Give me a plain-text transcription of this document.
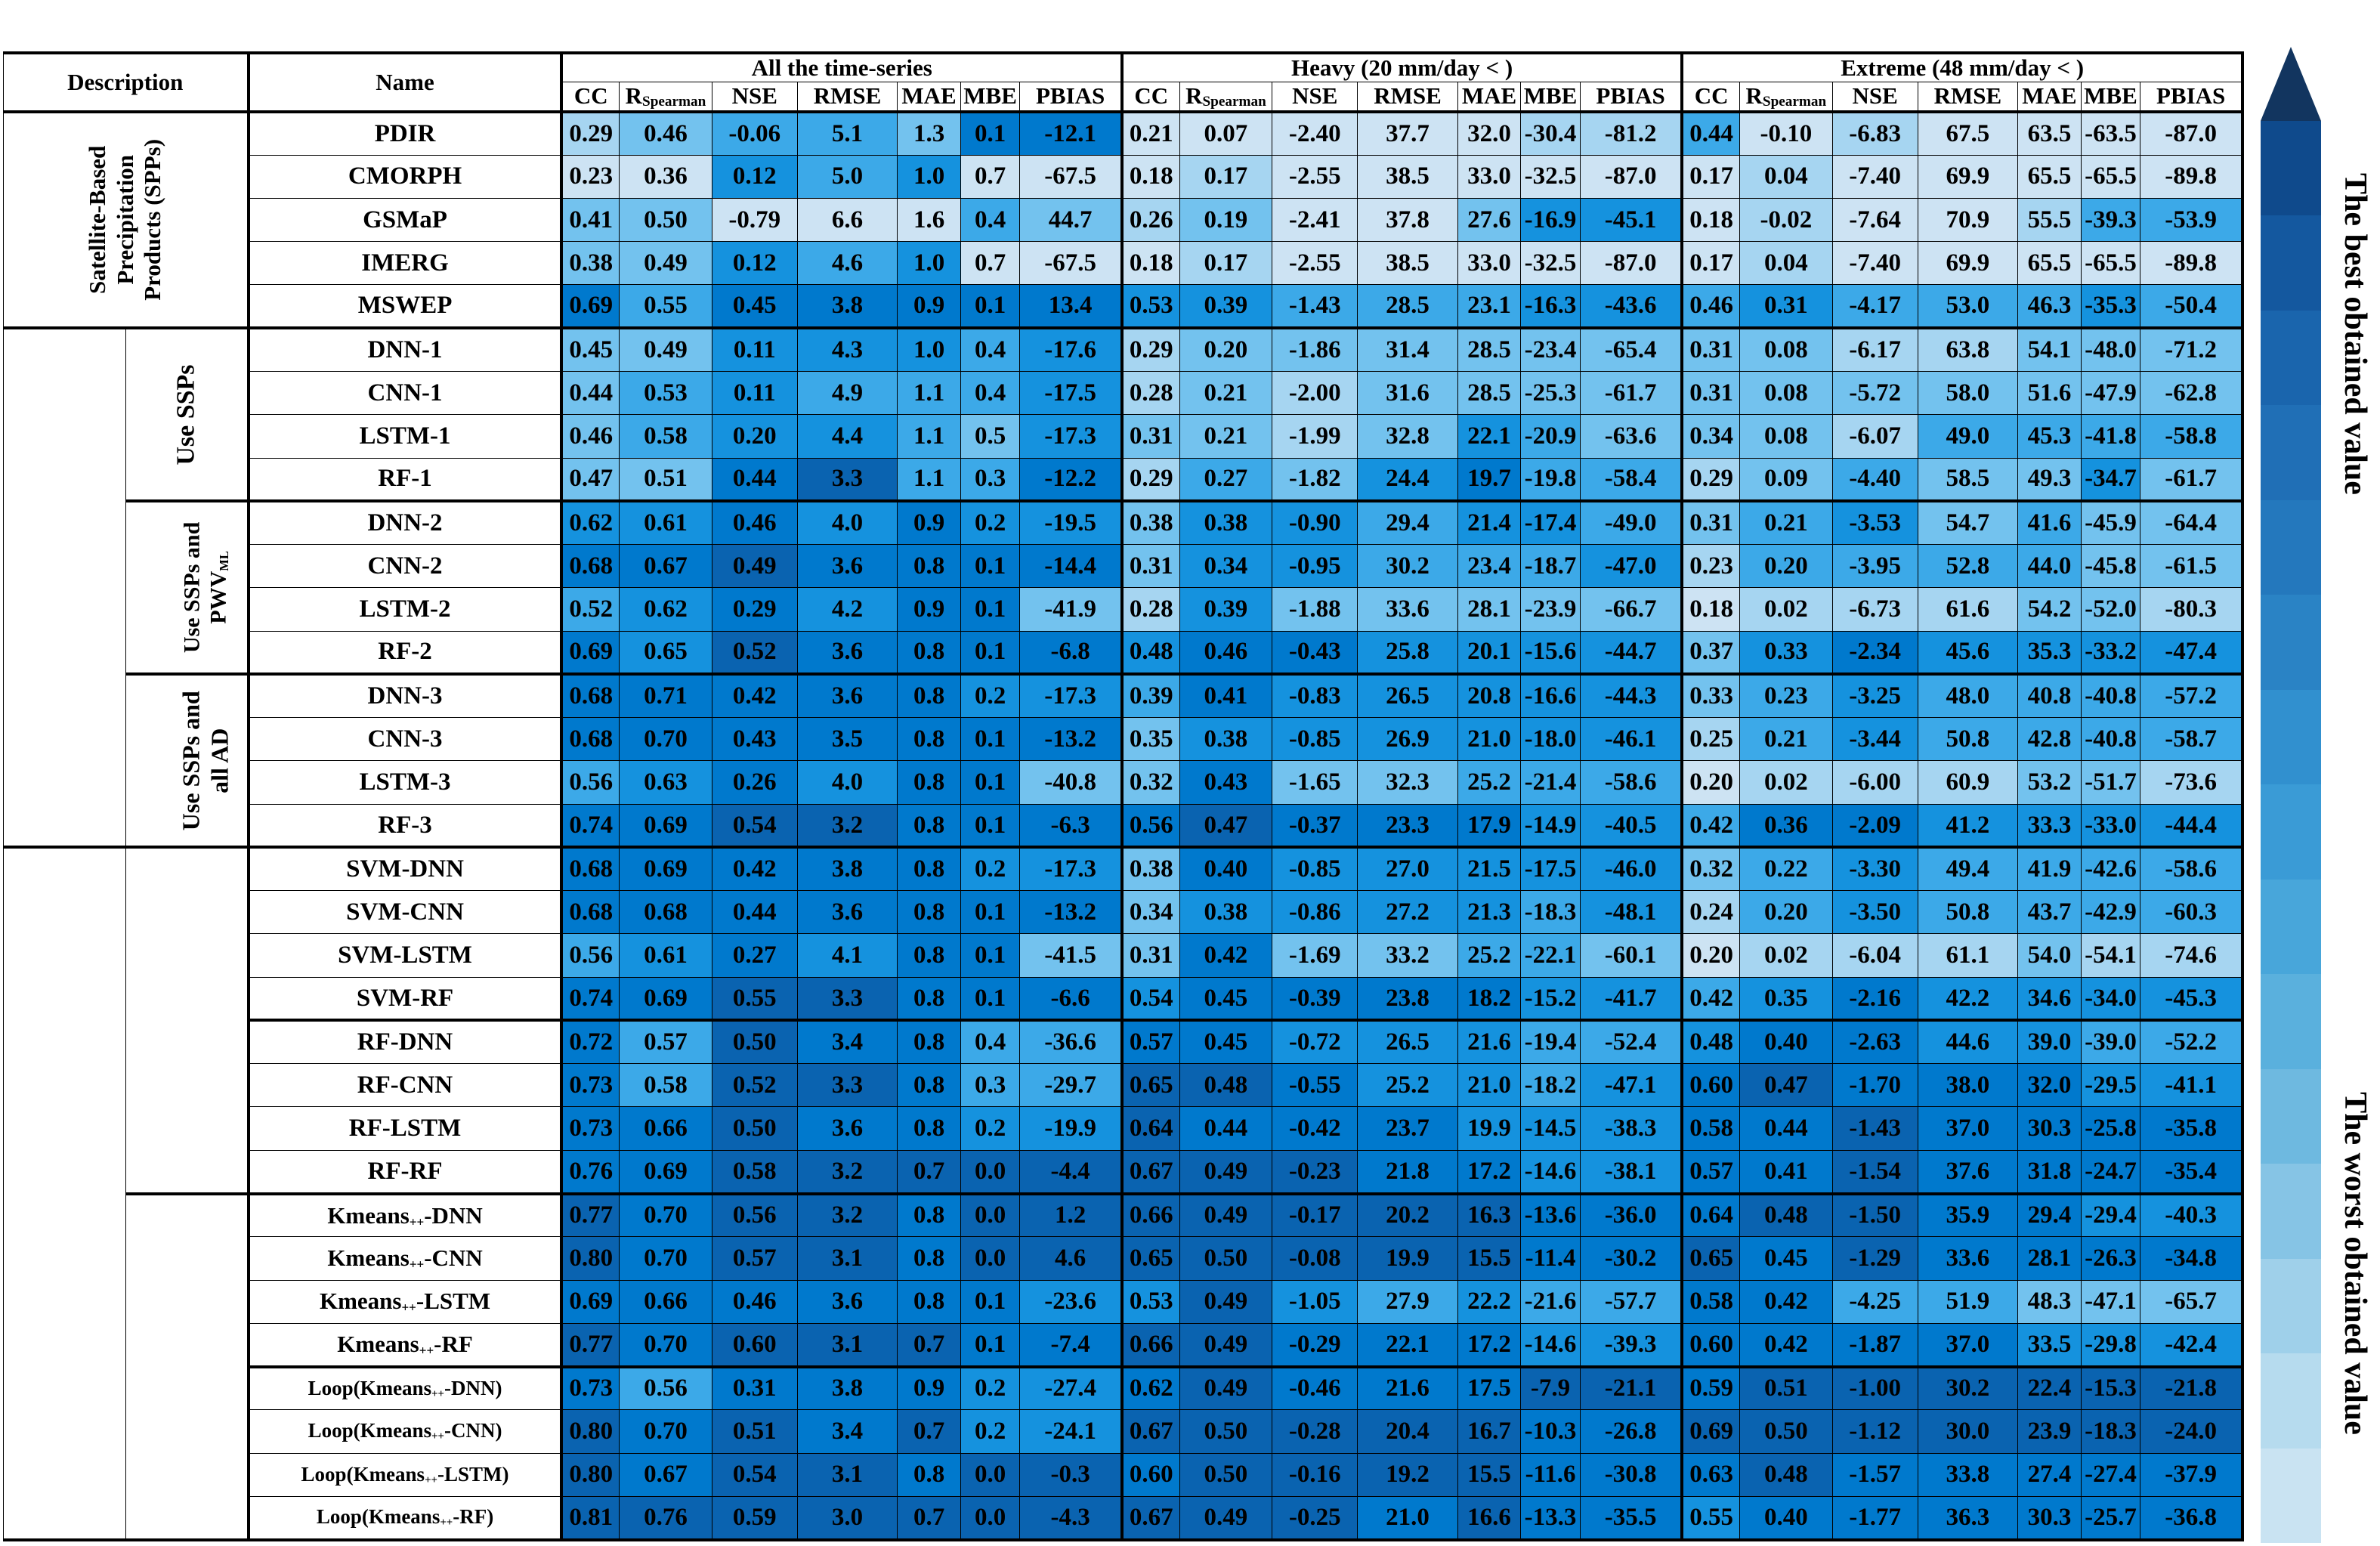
Description		Name	All the time-series							Heavy (20 mm/day < )							Extreme (48 mm/day < )						
			CC	RSpearman	NSE	RMSE	MAE	MBE	PBIAS	CC	RSpearman	NSE	RMSE	MAE	MBE	PBIAS	CC	RSpearman	NSE	RMSE	MAE	MBE	PBIAS
Satellite-Based Precipitation Products (SPPs)		PDIR	0.29	0.46	-0.06	5.1	1.3	0.1	-12.1	0.21	0.07	-2.40	37.7	32.0	-30.4	-81.2	0.44	-0.10	-6.83	67.5	63.5	-63.5	-87.0
		CMORPH	0.23	0.36	0.12	5.0	1.0	0.7	-67.5	0.18	0.17	-2.55	38.5	33.0	-32.5	-87.0	0.17	0.04	-7.40	69.9	65.5	-65.5	-89.8
		GSMaP	0.41	0.50	-0.79	6.6	1.6	0.4	44.7	0.26	0.19	-2.41	37.8	27.6	-16.9	-45.1	0.18	-0.02	-7.64	70.9	55.5	-39.3	-53.9
		IMERG	0.38	0.49	0.12	4.6	1.0	0.7	-67.5	0.18	0.17	-2.55	38.5	33.0	-32.5	-87.0	0.17	0.04	-7.40	69.9	65.5	-65.5	-89.8
		MSWEP	0.69	0.55	0.45	3.8	0.9	0.1	13.4	0.53	0.39	-1.43	28.5	23.1	-16.3	-43.6	0.46	0.31	-4.17	53.0	46.3	-35.3	-50.4
	Use SSPs	DNN-1	0.45	0.49	0.11	4.3	1.0	0.4	-17.6	0.29	0.20	-1.86	31.4	28.5	-23.4	-65.4	0.31	0.08	-6.17	63.8	54.1	-48.0	-71.2
		CNN-1	0.44	0.53	0.11	4.9	1.1	0.4	-17.5	0.28	0.21	-2.00	31.6	28.5	-25.3	-61.7	0.31	0.08	-5.72	58.0	51.6	-47.9	-62.8
		LSTM-1	0.46	0.58	0.20	4.4	1.1	0.5	-17.3	0.31	0.21	-1.99	32.8	22.1	-20.9	-63.6	0.34	0.08	-6.07	49.0	45.3	-41.8	-58.8
		RF-1	0.47	0.51	0.44	3.3	1.1	0.3	-12.2	0.29	0.27	-1.82	24.4	19.7	-19.8	-58.4	0.29	0.09	-4.40	58.5	49.3	-34.7	-61.7
	Use SSPs and PWVML	DNN-2	0.62	0.61	0.46	4.0	0.9	0.2	-19.5	0.38	0.38	-0.90	29.4	21.4	-17.4	-49.0	0.31	0.21	-3.53	54.7	41.6	-45.9	-64.4
		CNN-2	0.68	0.67	0.49	3.6	0.8	0.1	-14.4	0.31	0.34	-0.95	30.2	23.4	-18.7	-47.0	0.23	0.20	-3.95	52.8	44.0	-45.8	-61.5
		LSTM-2	0.52	0.62	0.29	4.2	0.9	0.1	-41.9	0.28	0.39	-1.88	33.6	28.1	-23.9	-66.7	0.18	0.02	-6.73	61.6	54.2	-52.0	-80.3
		RF-2	0.69	0.65	0.52	3.6	0.8	0.1	-6.8	0.48	0.46	-0.43	25.8	20.1	-15.6	-44.7	0.37	0.33	-2.34	45.6	35.3	-33.2	-47.4
	Use SSPs and all AD	DNN-3	0.68	0.71	0.42	3.6	0.8	0.2	-17.3	0.39	0.41	-0.83	26.5	20.8	-16.6	-44.3	0.33	0.23	-3.25	48.0	40.8	-40.8	-57.2
		CNN-3	0.68	0.70	0.43	3.5	0.8	0.1	-13.2	0.35	0.38	-0.85	26.9	21.0	-18.0	-46.1	0.25	0.21	-3.44	50.8	42.8	-40.8	-58.7
		LSTM-3	0.56	0.63	0.26	4.0	0.8	0.1	-40.8	0.32	0.43	-1.65	32.3	25.2	-21.4	-58.6	0.20	0.02	-6.00	60.9	53.2	-51.7	-73.6
		RF-3	0.74	0.69	0.54	3.2	0.8	0.1	-6.3	0.56	0.47	-0.37	23.3	17.9	-14.9	-40.5	0.42	0.36	-2.09	41.2	33.3	-33.0	-44.4
		SVM-DNN	0.68	0.69	0.42	3.8	0.8	0.2	-17.3	0.38	0.40	-0.85	27.0	21.5	-17.5	-46.0	0.32	0.22	-3.30	49.4	41.9	-42.6	-58.6
		SVM-CNN	0.68	0.68	0.44	3.6	0.8	0.1	-13.2	0.34	0.38	-0.86	27.2	21.3	-18.3	-48.1	0.24	0.20	-3.50	50.8	43.7	-42.9	-60.3
		SVM-LSTM	0.56	0.61	0.27	4.1	0.8	0.1	-41.5	0.31	0.42	-1.69	33.2	25.2	-22.1	-60.1	0.20	0.02	-6.04	61.1	54.0	-54.1	-74.6
		SVM-RF	0.74	0.69	0.55	3.3	0.8	0.1	-6.6	0.54	0.45	-0.39	23.8	18.2	-15.2	-41.7	0.42	0.35	-2.16	42.2	34.6	-34.0	-45.3
		RF-DNN	0.72	0.57	0.50	3.4	0.8	0.4	-36.6	0.57	0.45	-0.72	26.5	21.6	-19.4	-52.4	0.48	0.40	-2.63	44.6	39.0	-39.0	-52.2
		RF-CNN	0.73	0.58	0.52	3.3	0.8	0.3	-29.7	0.65	0.48	-0.55	25.2	21.0	-18.2	-47.1	0.60	0.47	-1.70	38.0	32.0	-29.5	-41.1
		RF-LSTM	0.73	0.66	0.50	3.6	0.8	0.2	-19.9	0.64	0.44	-0.42	23.7	19.9	-14.5	-38.3	0.58	0.44	-1.43	37.0	30.3	-25.8	-35.8
		RF-RF	0.76	0.69	0.58	3.2	0.7	0.0	-4.4	0.67	0.49	-0.23	21.8	17.2	-14.6	-38.1	0.57	0.41	-1.54	37.6	31.8	-24.7	-35.4
	Kmeans++-DNN	0.77	0.70	0.56	3.2	0.8	0.0	1.2	0.66	0.49	-0.17	20.2	16.3	-13.6	-36.0	0.64	0.48	-1.50	35.9	29.4	-29.4	-40.3
		Kmeans++-CNN	0.80	0.70	0.57	3.1	0.8	0.0	4.6	0.65	0.50	-0.08	19.9	15.5	-11.4	-30.2	0.65	0.45	-1.29	33.6	28.1	-26.3	-34.8
		Kmeans++-LSTM	0.69	0.66	0.46	3.6	0.8	0.1	-23.6	0.53	0.49	-1.05	27.9	22.2	-21.6	-57.7	0.58	0.42	-4.25	51.9	48.3	-47.1	-65.7
		Kmeans++-RF	0.77	0.70	0.60	3.1	0.7	0.1	-7.4	0.66	0.49	-0.29	22.1	17.2	-14.6	-39.3	0.60	0.42	-1.87	37.0	33.5	-29.8	-42.4
		Loop(Kmeans++-DNN)	0.73	0.56	0.31	3.8	0.9	0.2	-27.4	0.62	0.49	-0.46	21.6	17.5	-7.9	-21.1	0.59	0.51	-1.00	30.2	22.4	-15.3	-21.8
		Loop(Kmeans++-CNN)	0.80	0.70	0.51	3.4	0.7	0.2	-24.1	0.67	0.50	-0.28	20.4	16.7	-10.3	-26.8	0.69	0.50	-1.12	30.0	23.9	-18.3	-24.0
		Loop(Kmeans++-LSTM)	0.80	0.67	0.54	3.1	0.8	0.0	-0.3	0.60	0.50	-0.16	19.2	15.5	-11.6	-30.8	0.63	0.48	-1.57	33.8	27.4	-27.4	-37.9
		Loop(Kmeans++-RF)	0.81	0.76	0.59	3.0	0.7	0.0	-4.3	0.67	0.49	-0.25	21.0	16.6	-13.3	-35.5	0.55	0.40	-1.77	36.3	30.3	-25.7	-36.8
The best obtained value
The worst obtained value
